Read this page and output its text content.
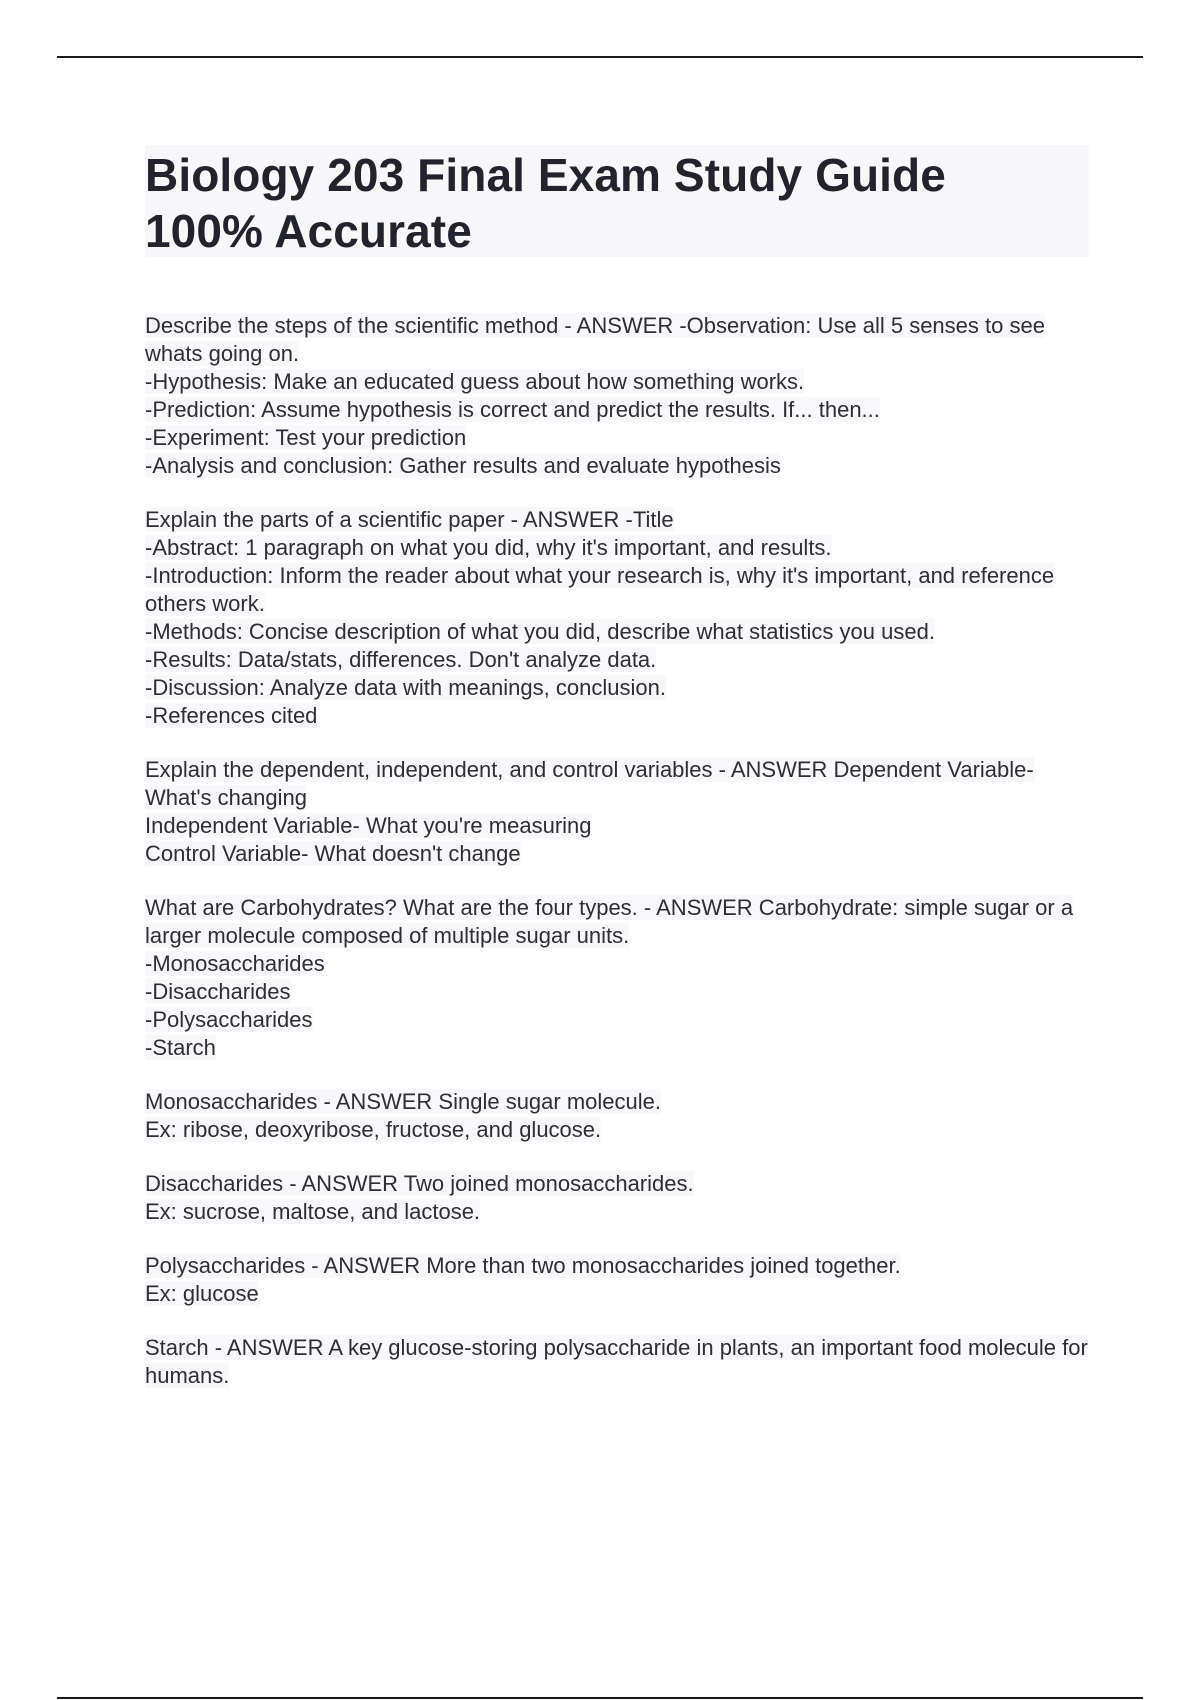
Biology 203 Final Exam Study Guide
100% Accurate

Describe the steps of the scientific method - ANSWER -Observation: Use all 5 senses to see whats going on.
-Hypothesis: Make an educated guess about how something works.
-Prediction: Assume hypothesis is correct and predict the results. If... then...
-Experiment: Test your prediction
-Analysis and conclusion: Gather results and evaluate hypothesis

Explain the parts of a scientific paper - ANSWER -Title
-Abstract: 1 paragraph on what you did, why it's important, and results.
-Introduction: Inform the reader about what your research is, why it's important, and reference others work.
-Methods: Concise description of what you did, describe what statistics you used.
-Results: Data/stats, differences. Don't analyze data.
-Discussion: Analyze data with meanings, conclusion.
-References cited

Explain the dependent, independent, and control variables - ANSWER Dependent Variable- What's changing
Independent Variable- What you're measuring
Control Variable- What doesn't change

What are Carbohydrates? What are the four types. - ANSWER Carbohydrate: simple sugar or a larger molecule composed of multiple sugar units.
-Monosaccharides
-Disaccharides
-Polysaccharides
-Starch

Monosaccharides - ANSWER Single sugar molecule.
Ex: ribose, deoxyribose, fructose, and glucose.

Disaccharides - ANSWER Two joined monosaccharides.
Ex: sucrose, maltose, and lactose.

Polysaccharides - ANSWER More than two monosaccharides joined together.
Ex: glucose

Starch - ANSWER A key glucose-storing polysaccharide in plants, an important food molecule for humans.
